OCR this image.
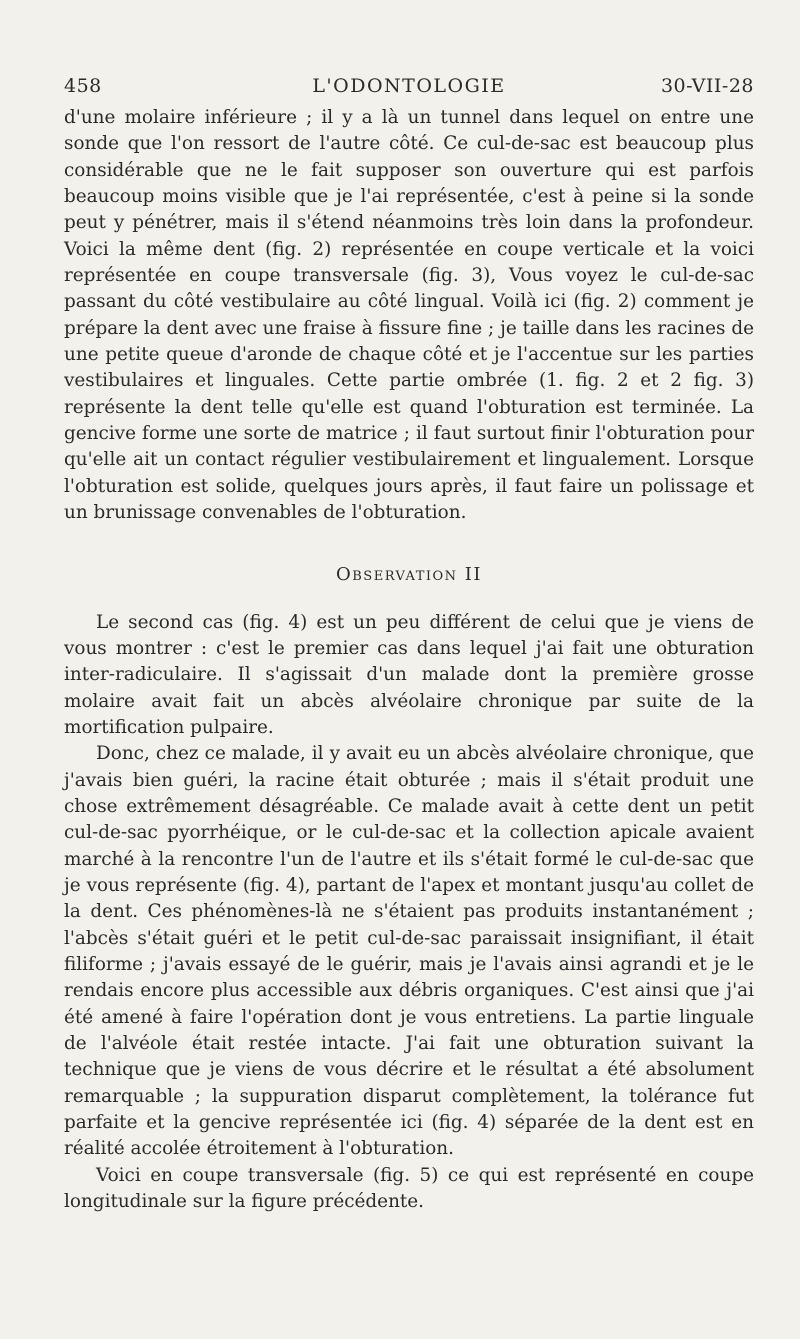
458	L'ODONTOLOGIE	30-VII-28

d'une molaire inférieure ; il y a là un tunnel dans lequel on entre une sonde que l'on ressort de l'autre côté. Ce cul-de-sac est beaucoup plus considérable que ne le fait supposer son ouverture qui est parfois beaucoup moins visible que je l'ai représentée, c'est à peine si la sonde peut y pénétrer, mais il s'étend néanmoins très loin dans la profondeur. Voici la même dent (fig. 2) représentée en coupe verticale et la voici représentée en coupe transversale (fig. 3), Vous voyez le cul-de-sac passant du côté vestibulaire au côté lingual. Voilà ici (fig. 2) comment je prépare la dent avec une fraise à fissure fine ; je taille dans les racines de une petite queue d'aronde de chaque côté et je l'accentue sur les parties vestibulaires et linguales. Cette partie ombrée (1. fig. 2 et 2 fig. 3) représente la dent telle qu'elle est quand l'obturation est terminée. La gencive forme une sorte de matrice ; il faut surtout finir l'obturation pour qu'elle ait un contact régulier vestibulairement et lingualement. Lorsque l'obturation est solide, quelques jours après, il faut faire un polissage et un brunissage convenables de l'obturation.

Observation II

Le second cas (fig. 4) est un peu différent de celui que je viens de vous montrer : c'est le premier cas dans lequel j'ai fait une obturation inter-radiculaire. Il s'agissait d'un malade dont la première grosse molaire avait fait un abcès alvéolaire chronique par suite de la mortification pulpaire.

Donc, chez ce malade, il y avait eu un abcès alvéolaire chronique, que j'avais bien guéri, la racine était obturée ; mais il s'était produit une chose extrêmement désagréable. Ce malade avait à cette dent un petit cul-de-sac pyorrhéique, or le cul-de-sac et la collection apicale avaient marché à la rencontre l'un de l'autre et ils s'était formé le cul-de-sac que je vous représente (fig. 4), partant de l'apex et montant jusqu'au collet de la dent. Ces phénomènes-là ne s'étaient pas produits instantanément ; l'abcès s'était guéri et le petit cul-de-sac paraissait insignifiant, il était filiforme ; j'avais essayé de le guérir, mais je l'avais ainsi agrandi et je le rendais encore plus accessible aux débris organiques. C'est ainsi que j'ai été amené à faire l'opération dont je vous entretiens. La partie linguale de l'alvéole était restée intacte. J'ai fait une obturation suivant la technique que je viens de vous décrire et le résultat a été absolument remarquable ; la suppuration disparut complètement, la tolérance fut parfaite et la gencive représentée ici (fig. 4) séparée de la dent est en réalité accolée étroitement à l'obturation.

Voici en coupe transversale (fig. 5) ce qui est représenté en coupe longitudinale sur la figure précédente.
